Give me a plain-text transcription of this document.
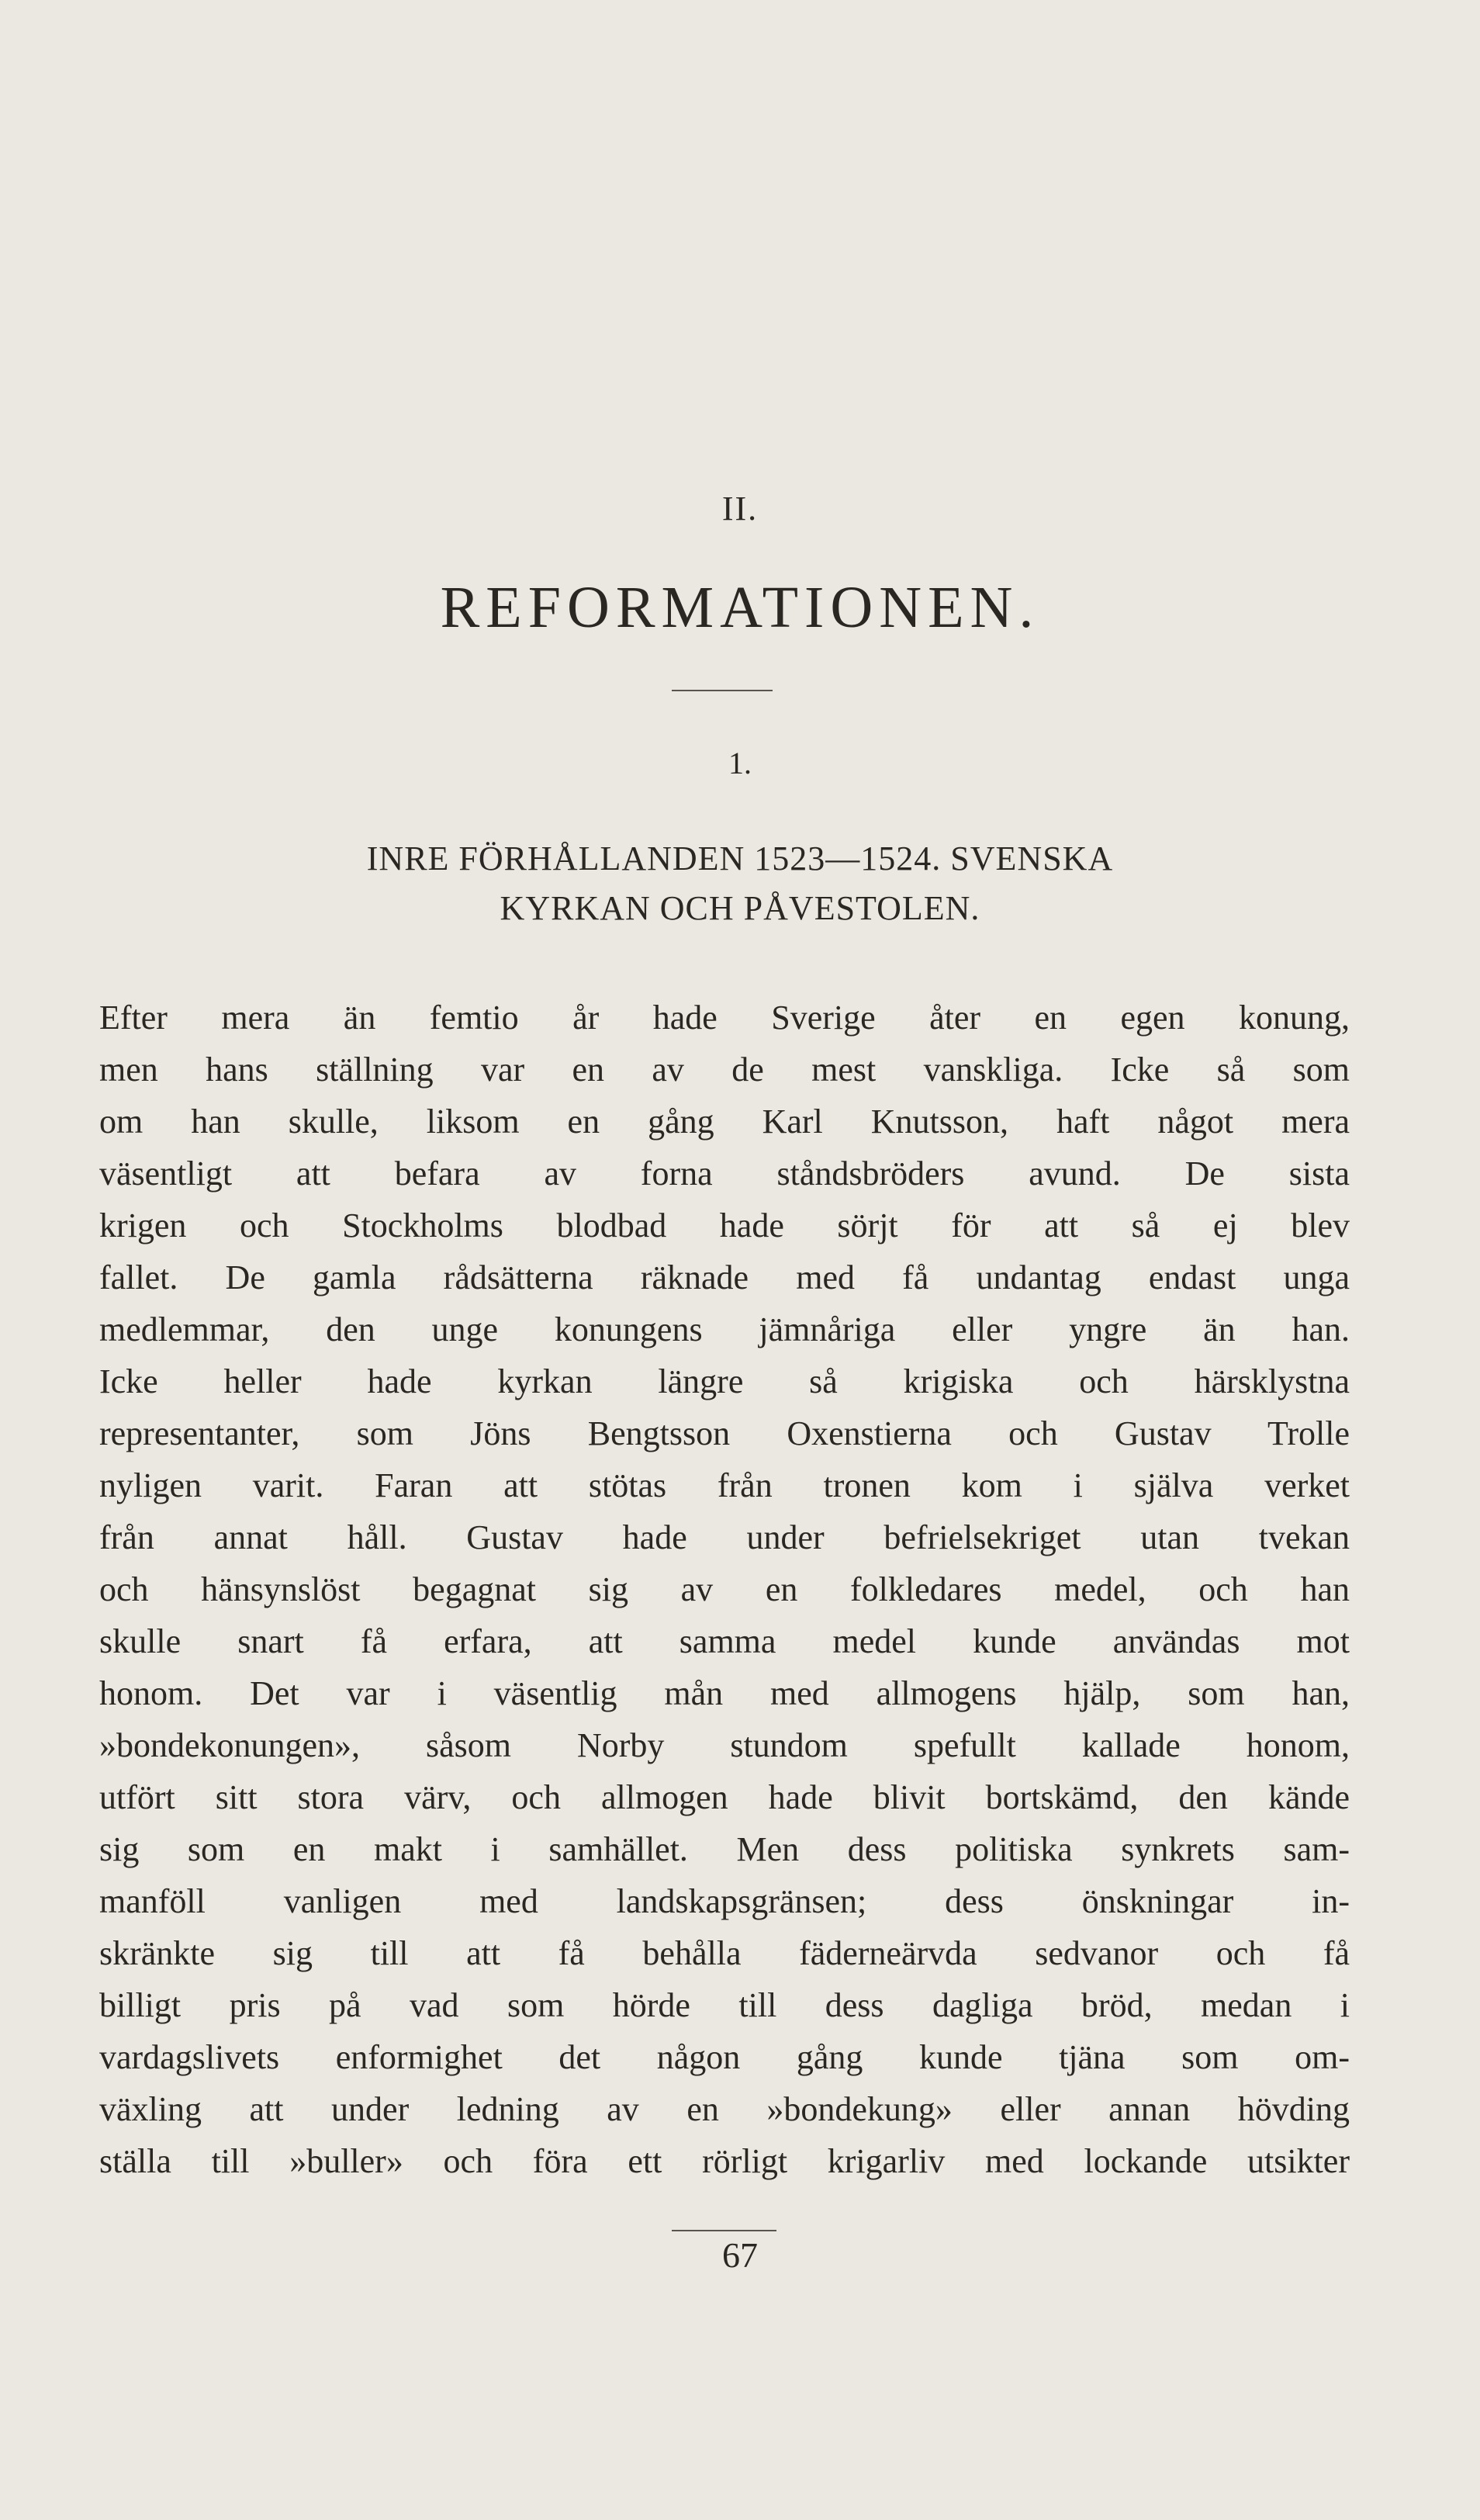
II.
REFORMATIONEN.
1.
INRE FÖRHÅLLANDEN 1523—1524. SVENSKA
KYRKAN OCH PÅVESTOLEN.
Efter mera än femtio år hade Sverige åter en egen konung,
men hans ställning var en av de mest vanskliga. Icke så som
om han skulle, liksom en gång Karl Knutsson, haft något mera
väsentligt att befara av forna ståndsbröders avund. De sista
krigen och Stockholms blodbad hade sörjt för att så ej blev
fallet. De gamla rådsätterna räknade med få undantag endast unga
medlemmar, den unge konungens jämnåriga eller yngre än han.
Icke heller hade kyrkan längre så krigiska och härsklystna
representanter, som Jöns Bengtsson Oxenstierna och Gustav Trolle
nyligen varit. Faran att stötas från tronen kom i själva verket
från annat håll. Gustav hade under befrielsekriget utan tvekan
och hänsynslöst begagnat sig av en folkledares medel, och han
skulle snart få erfara, att samma medel kunde användas mot
honom. Det var i väsentlig mån med allmogens hjälp, som han,
»bondekonungen», såsom Norby stundom spefullt kallade honom,
utfört sitt stora värv, och allmogen hade blivit bortskämd, den kände
sig som en makt i samhället. Men dess politiska synkrets sam-
manföll vanligen med landskapsgränsen; dess önskningar in-
skränkte sig till att få behålla fäderneärvda sedvanor och få
billigt pris på vad som hörde till dess dagliga bröd, medan i
vardagslivets enformighet det någon gång kunde tjäna som om-
växling att under ledning av en »bondekung» eller annan hövding
ställa till »buller» och föra ett rörligt krigarliv med lockande utsikter
67
